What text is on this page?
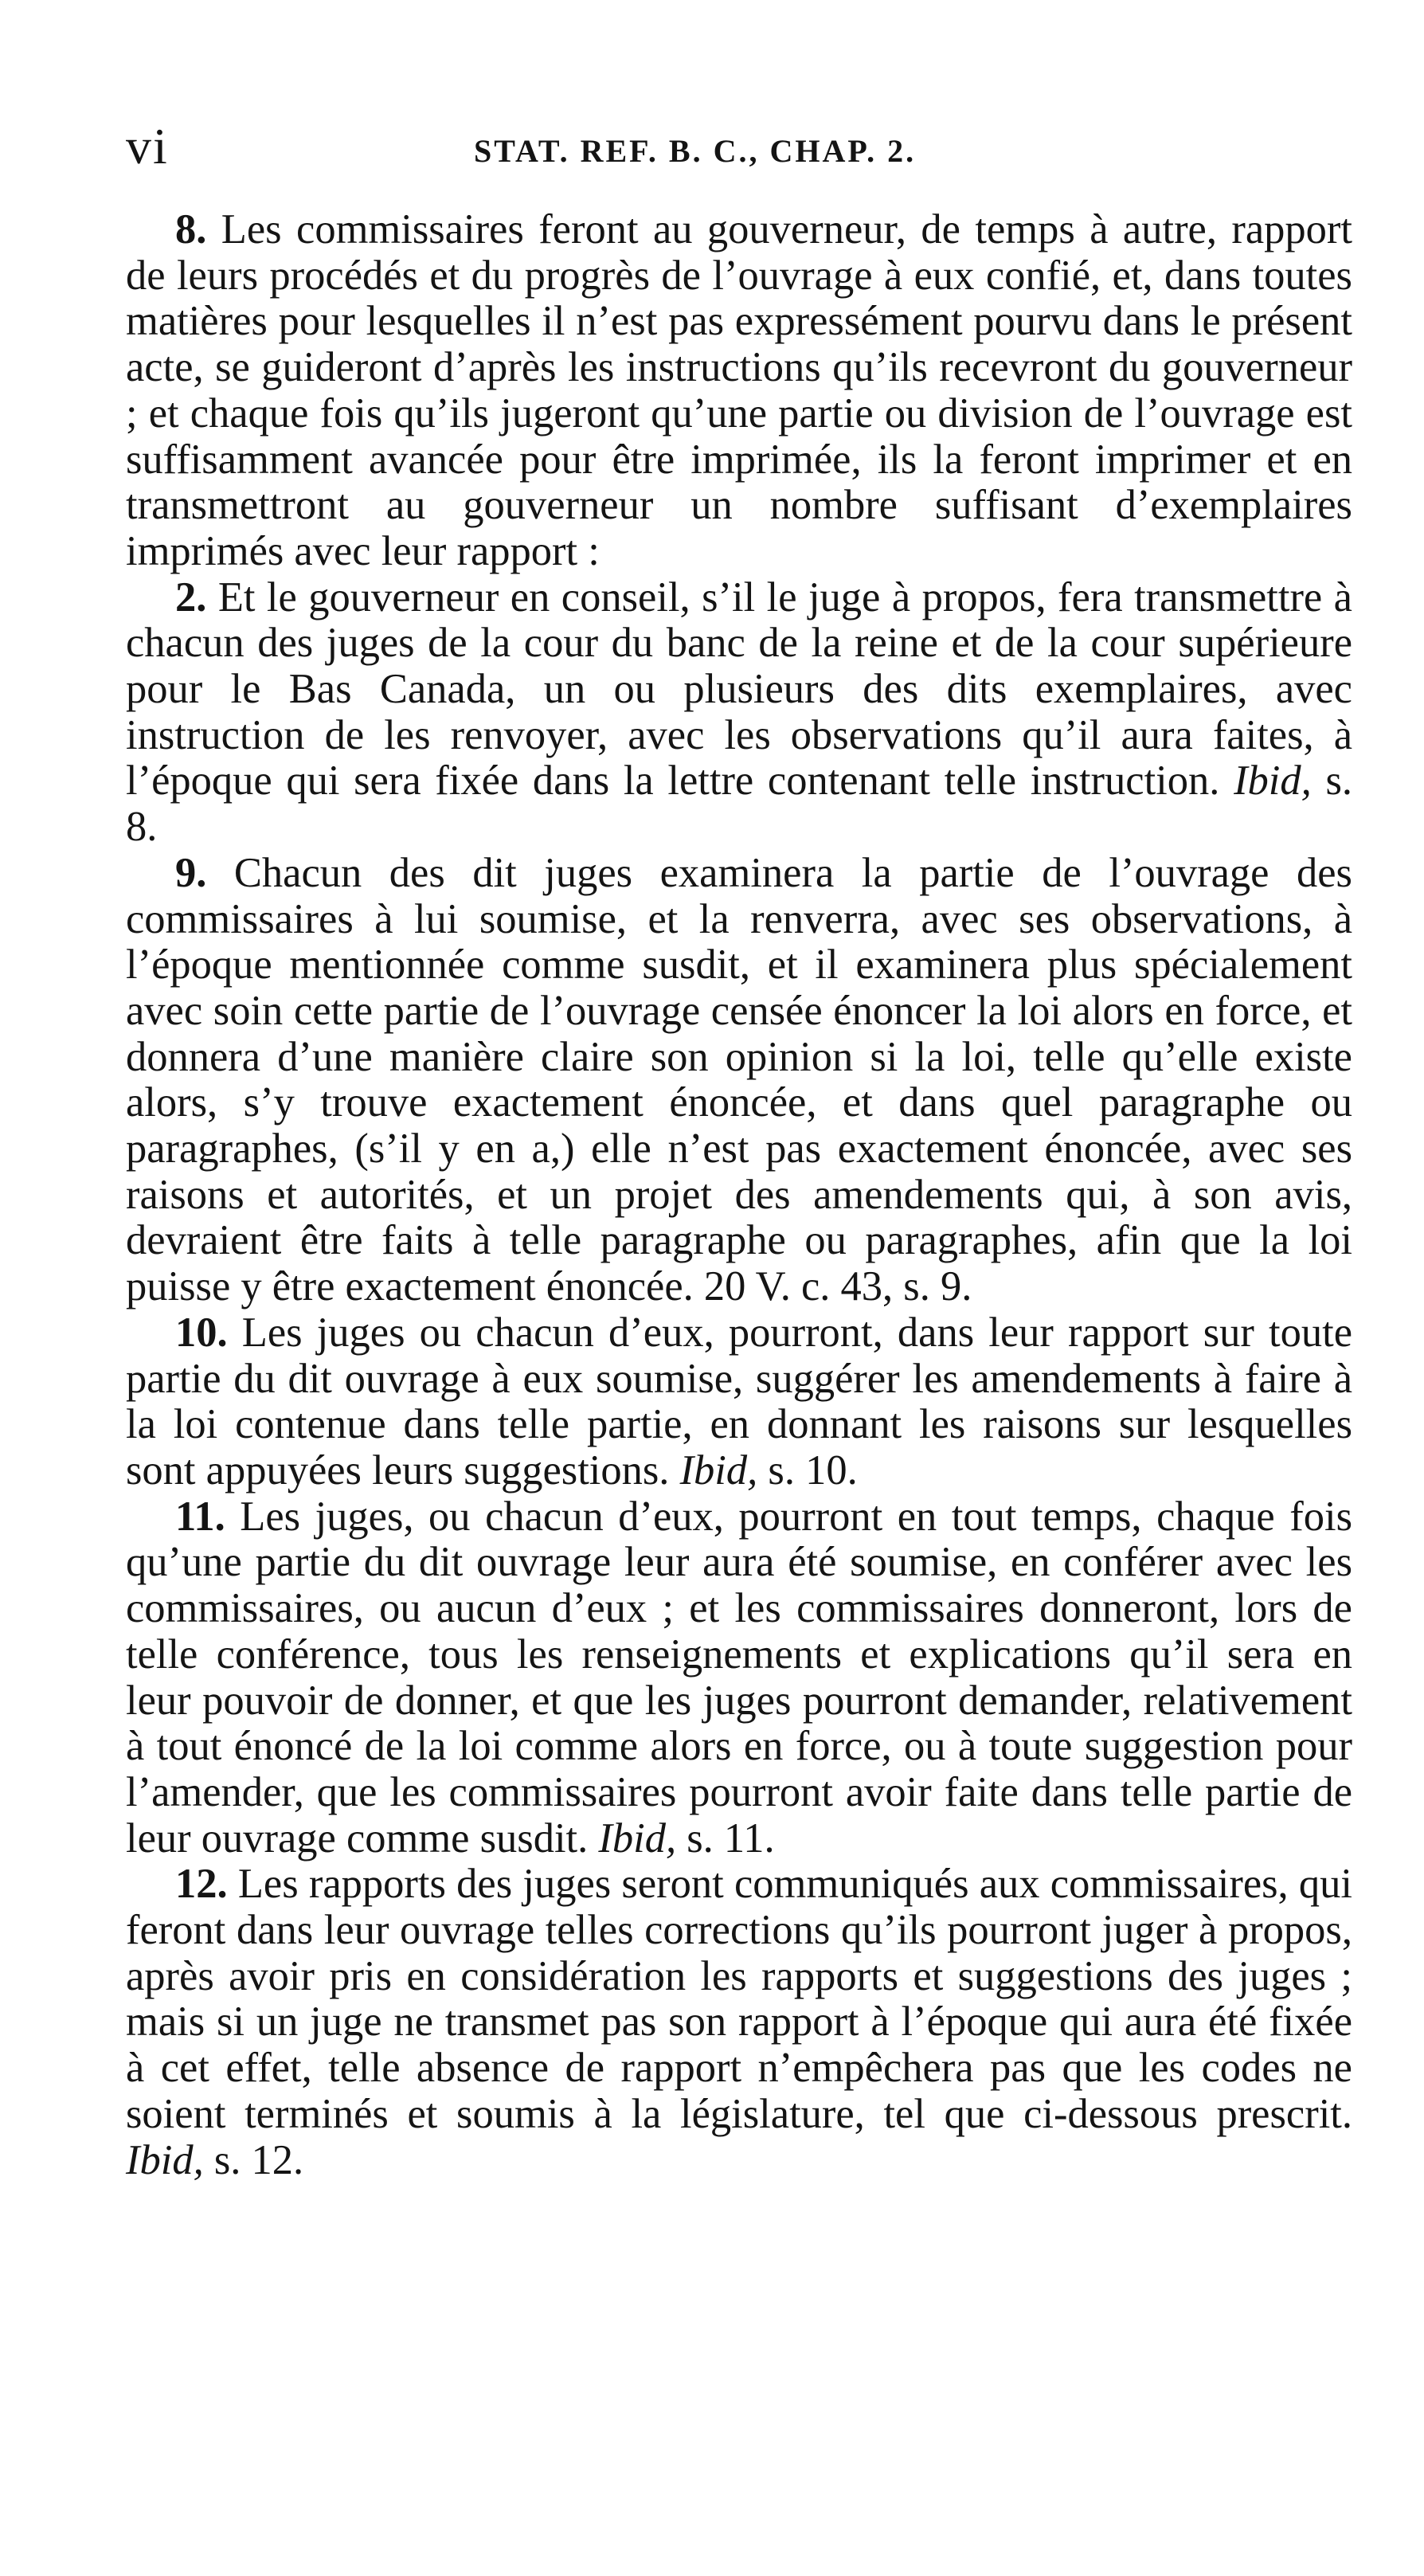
vi	STAT. REF. B. C., CHAP. 2.

8. Les commissaires feront au gouverneur, de temps à autre, rapport de leurs procédés et du progrès de l’ouvrage à eux confié, et, dans toutes matières pour lesquelles il n’est pas expressément pourvu dans le présent acte, se guideront d’après les instructions qu’ils recevront du gouverneur ; et chaque fois qu’ils jugeront qu’une partie ou division de l’ouvrage est suffisamment avancée pour être imprimée, ils la feront imprimer et en transmettront au gouverneur un nombre suffisant d’exemplaires imprimés avec leur rapport :

2. Et le gouverneur en conseil, s’il le juge à propos, fera transmettre à chacun des juges de la cour du banc de la reine et de la cour supérieure pour le Bas Canada, un ou plusieurs des dits exemplaires, avec instruction de les renvoyer, avec les observations qu’il aura faites, à l’époque qui sera fixée dans la lettre contenant telle instruction. Ibid, s. 8.

9. Chacun des dit juges examinera la partie de l’ouvrage des commissaires à lui soumise, et la renverra, avec ses observations, à l’époque mentionnée comme susdit, et il examinera plus spécialement avec soin cette partie de l’ouvrage censée énoncer la loi alors en force, et donnera d’une manière claire son opinion si la loi, telle qu’elle existe alors, s’y trouve exactement énoncée, et dans quel paragraphe ou paragraphes, (s’il y en a,) elle n’est pas exactement énoncée, avec ses raisons et autorités, et un projet des amendements qui, à son avis, devraient être faits à telle paragraphe ou paragraphes, afin que la loi puisse y être exactement énoncée. 20 V. c. 43, s. 9.

10. Les juges ou chacun d’eux, pourront, dans leur rapport sur toute partie du dit ouvrage à eux soumise, suggérer les amendements à faire à la loi contenue dans telle partie, en donnant les raisons sur lesquelles sont appuyées leurs suggestions. Ibid, s. 10.

11. Les juges, ou chacun d’eux, pourront en tout temps, chaque fois qu’une partie du dit ouvrage leur aura été soumise, en conférer avec les commissaires, ou aucun d’eux ; et les commissaires donneront, lors de telle conférence, tous les renseignements et explications qu’il sera en leur pouvoir de donner, et que les juges pourront demander, relativement à tout énoncé de la loi comme alors en force, ou à toute suggestion pour l’amender, que les commissaires pourront avoir faite dans telle partie de leur ouvrage comme susdit. Ibid, s. 11.

12. Les rapports des juges seront communiqués aux commissaires, qui feront dans leur ouvrage telles corrections qu’ils pourront juger à propos, après avoir pris en considération les rapports et suggestions des juges ; mais si un juge ne transmet pas son rapport à l’époque qui aura été fixée à cet effet, telle absence de rapport n’empêchera pas que les codes ne soient terminés et soumis à la législature, tel que ci-dessous prescrit. Ibid, s. 12.
